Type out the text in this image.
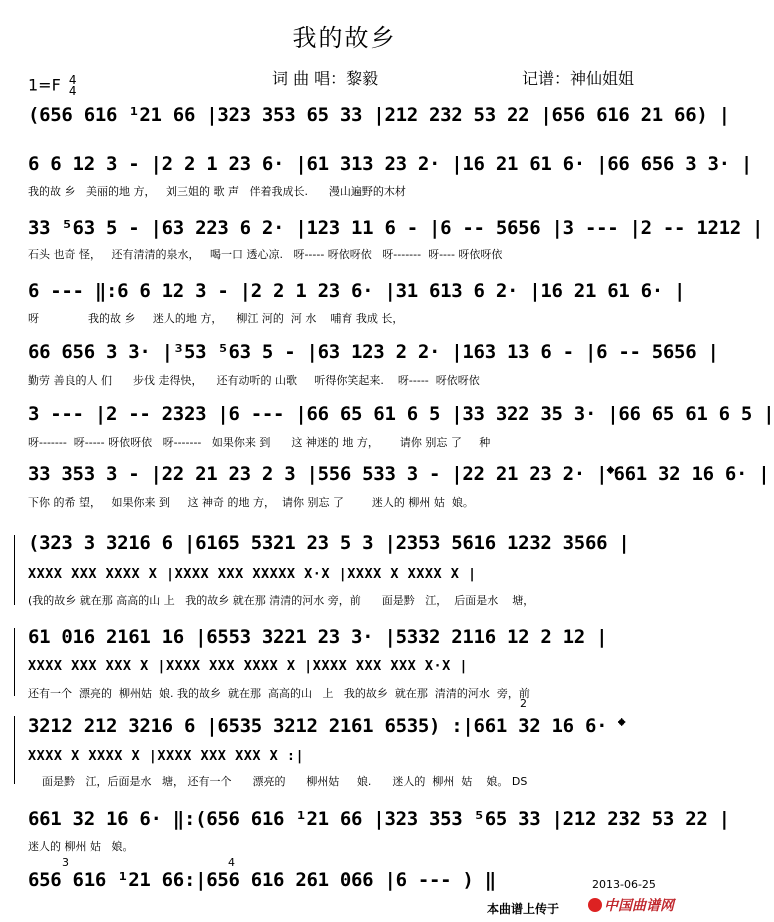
我的故乡
1=F 4
4
词 曲 唱：黎毅	记谱：神仙姐姐
(656 616 ¹21 66 |323 353 65 33 |212 232 53 22 |656 616 21 66) |
6 6 12 3 - |2 2 1 23 6· |61 313 23 2· |16 21 61 6· |66 656 3 3· |
我的故 乡   美丽的地 方，   刘三姐的 歌 声   伴着我成长.      漫山遍野的木材
33 ⁵63 5 - |63 223 6 2· |123 11 6 - |6 -- 5656 |3 --- |2 -- 1212 |
石头 也奇 怪，   还有清清的泉水，   喝一口 透心凉.   呀----- 呀依呀依   呀-------  呀---- 呀依呀依
6 --- ‖:6 6 12 3 - |2 2 1 23 6· |31 613 6 2· |16 21 61 6· |
呀              我的故 乡     迷人的地 方，    柳江 河的  河 水    哺育 我成 长，
66 656 3 3· |³53 ⁵63 5 - |63 123 2 2· |163 13 6 - |6 -- 5656 |
勤劳 善良的人 们      步伐 走得快，    还有动听的 山歌     听得你笑起来.    呀-----  呀依呀依
3 --- |2 -- 2323 |6 --- |66 65 61 6 5 |33 322 35 3· |66 65 61 6 5 |
呀-------  呀----- 呀依呀依   呀-------   如果你来 到      这 神迷的 地 方，      请你 别忘 了     种
33 353 3 - |22 21 23 2 3 |556 533 3 - |22 21 23 2· |𝄌661 32 16 6· |
下你 的希 望，   如果你来 到     这 神奇 的地 方，  请你 别忘 了        迷人的 柳州 姑  娘。
(323 3 3216 6 |6165 5321 23 5 3 |2353 5616 1232 3566 |
XXXX XXX XXXX X |XXXX XXX XXXXX X·X |XXXX X XXXX X |
(我的故乡 就在那 高高的山 上   我的故乡 就在那 清清的河水 旁，前      面是黔   江，  后面是水    塘，
61 016 2161 16 |6553 3221 23 3· |5332 2116 12 2 12 |
XXXX XXX XXX X |XXXX XXX XXXX X |XXXX XXX XXX X·X |
还有一个  漂亮的  柳州姑  娘. 我的故乡  就在那  高高的山   上   我的故乡  就在那  清清的河水  旁，前
3212 212 3216 6 |6535 3212 2161 6535) :|661 32 16 6· 𝄌
XXXX X XXXX X |XXXX XXX XXX X :|
面是黔   江，后面是水   塘， 还有一个      漂亮的      柳州姑     娘.      迷人的  柳州  姑    娘。 DS
661 32 16 6· ‖:(656 616 ¹21 66 |323 353 ⁵65 33 |212 232 53 22 |
迷人的 柳州 姑   娘。
656 616 ¹21 66:|656 616 261 066 |6 --- ) ‖
2
3	4
2013-06-25
本曲谱上传于	中国曲谱网
